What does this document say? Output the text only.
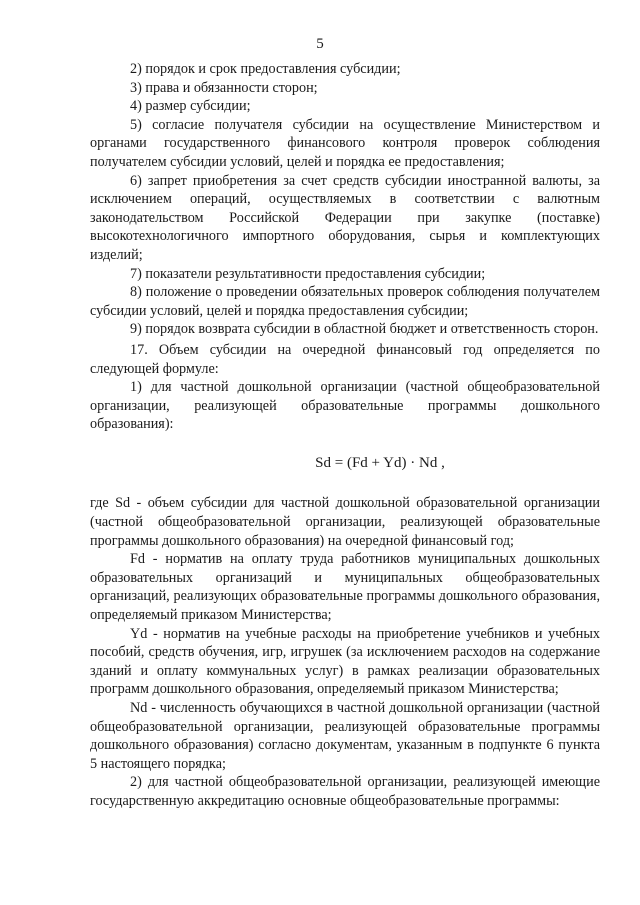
5

2) порядок и срок предоставления субсидии;

3) права и обязанности сторон;

4) размер субсидии;

5) согласие получателя субсидии на осуществление Министерством и органами государственного финансового контроля проверок соблюдения получателем субсидии условий, целей и порядка ее предоставления;

6) запрет приобретения за счет средств субсидии иностранной валюты, за исключением операций, осуществляемых в соответствии с валютным законодательством Российской Федерации при закупке (поставке) высокотехнологичного импортного оборудования, сырья и комплектующих изделий;

7) показатели результативности предоставления субсидии;

8) положение о проведении обязательных проверок соблюдения получателем субсидии условий, целей и порядка предоставления субсидии;

9) порядок возврата субсидии в областной бюджет и ответственность сторон.

17. Объем субсидии на очередной финансовый год определяется по следующей формуле:

1) для частной дошкольной организации (частной общеобразовательной организации, реализующей образовательные программы дошкольного образования):

Sd = (Fd + Yd) · Nd ,

где Sd - объем субсидии для частной дошкольной образовательной организации (частной общеобразовательной организации, реализующей образовательные программы дошкольного образования) на очередной финансовый год;

Fd - норматив на оплату труда работников муниципальных дошкольных образовательных организаций и муниципальных общеобразовательных организаций, реализующих образовательные программы дошкольного образования, определяемый приказом Министерства;

Yd - норматив на учебные расходы на приобретение учебников и учебных пособий, средств обучения, игр, игрушек (за исключением расходов на содержание зданий и оплату коммунальных услуг) в рамках реализации образовательных программ дошкольного образования, определяемый приказом Министерства;

Nd - численность обучающихся в частной дошкольной организации (частной общеобразовательной организации, реализующей образовательные программы дошкольного образования) согласно документам, указанным в подпункте 6 пункта 5 настоящего порядка;

2) для частной общеобразовательной организации, реализующей имеющие государственную аккредитацию основные общеобразовательные программы:
